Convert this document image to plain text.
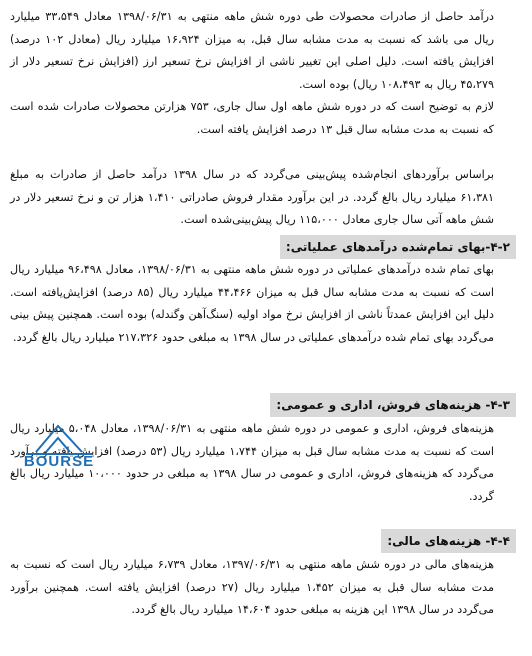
درآمد حاصل از صادرات محصولات طی دوره شش ماهه منتهی به ۱۳۹۸/۰۶/۳۱ معادل ۳۳،۵۴۹ میلیارد ریال می باشد که نسبت به مدت مشابه سال قبل، به میزان ۱۶،۹۲۴ میلیارد ریال (معادل ۱۰۲ درصد) افزایش یافته است. دلیل اصلی این تغییر ناشی از افزایش نرخ تسعیر ارز (افزایش نرخ تسعیر دلار از ۴۵،۲۷۹ ریال به ۱۰۸،۴۹۳ ریال) بوده است.

لازم به توضیح است که در دوره شش ماهه اول سال جاری، ۷۵۳ هزارتن محصولات صادرات شده است که نسبت به مدت مشابه سال قبل ۱۳ درصد افزایش یافته است.

براساس برآوردهای انجام‌شده پیش‌بینی می‌گردد که در سال ۱۳۹۸ درآمد حاصل از صادرات به مبلغ ۶۱،۳۸۱ میلیارد ریال بالغ گردد. در این برآورد مقدار فروش صادراتی ۱،۴۱۰ هزار تن و نرخ تسعیر دلار در شش ماهه آتی سال جاری معادل ۱۱۵،۰۰۰ ریال پیش‌بینی‌شده است.

۴-۲-بهای تمام‌شده درآمدهای عملیاتی:

بهای تمام شده درآمدهای عملیاتی در دوره شش ماهه منتهی به ۱۳۹۸/۰۶/۳۱، معادل ۹۶،۴۹۸ میلیارد ریال است که نسبت به مدت مشابه سال قبل به میزان ۴۴،۴۶۶ میلیارد ریال (۸۵ درصد) افزایش‌یافته است. دلیل این افزایش عمدتاً ناشی از افزایش نرخ مواد اولیه (سنگ‌آهن وگندله) بوده است. همچنین پیش بینی می‌گردد بهای تمام شده درآمدهای عملیاتی در سال ۱۳۹۸ به مبلغی حدود ۲۱۷،۳۲۶ میلیارد ریال بالغ گردد.

۴-۳- هزینه‌های فروش، اداری و عمومی:

هزینه‌های فروش، اداری و عمومی در دوره شش ماهه منتهی به ۱۳۹۸/۰۶/۳۱، معادل ۵،۰۴۸ میلیارد ریال است که نسبت به مدت مشابه سال قبل به میزان ۱،۷۴۴ میلیارد ریال (۵۳ درصد) افزایش یافته و برآورد می‌گردد که هزینه‌های فروش، اداری و عمومی در سال ۱۳۹۸ به مبلغی در حدود ۱۰،۰۰۰ میلیارد ریال بالغ گردد.

۴-۴- هزینه‌های مالی:

هزینه‌های مالی در دوره شش ماهه منتهی به ۱۳۹۷/۰۶/۳۱، معادل ۶،۷۳۹ میلیارد ریال است که نسبت به مدت مشابه سال قبل به میزان ۱،۴۵۲ میلیارد ریال (۲۷ درصد) افزایش یافته است. همچنین برآورد می‌گردد در سال ۱۳۹۸ این هزینه به مبلغی حدود ۱۴،۶۰۴ میلیارد ریال بالغ گردد.

BOURSE
